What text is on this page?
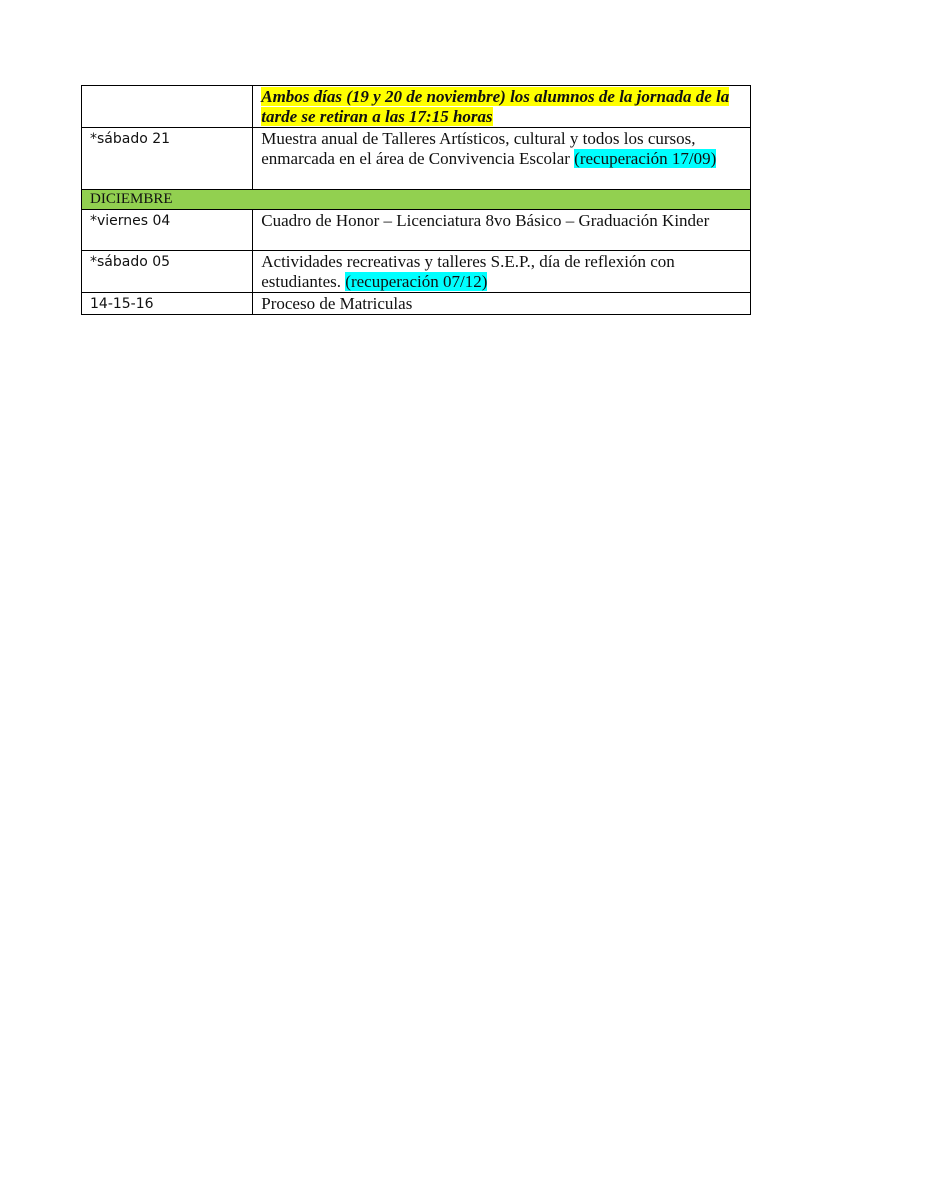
	Ambos días (19 y 20 de noviembre) los alumnos de la jornada de la tarde se retiran a las 17:15 horas

*sábado 21	Muestra anual de Talleres Artísticos, cultural y todos los cursos, enmarcada en el área de Convivencia Escolar (recuperación 17/09)

DICIEMBRE	

*viernes 04	Cuadro de Honor – Licenciatura 8vo Básico – Graduación Kinder

*sábado 05	Actividades recreativas y talleres S.E.P., día de reflexión con estudiantes. (recuperación 07/12)

14-15-16	Proceso de Matriculas
